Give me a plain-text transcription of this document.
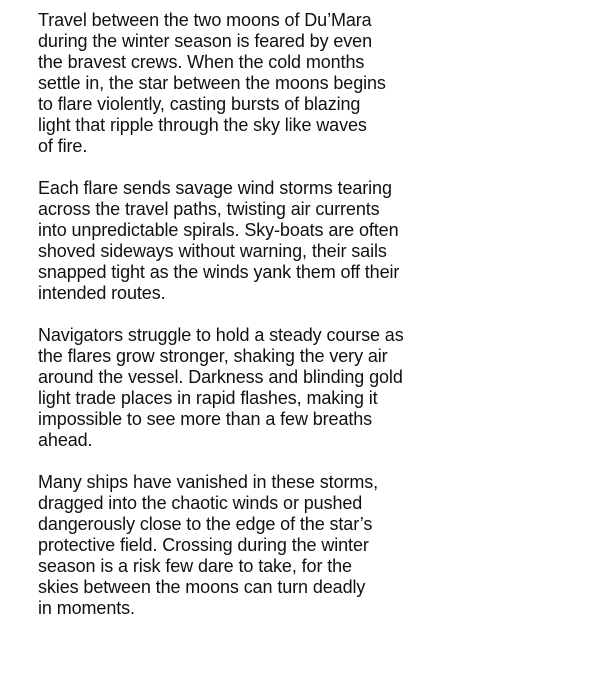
Travel between the two moons of Du’Mara
during the winter season is feared by even
the bravest crews. When the cold months
settle in, the star between the moons begins
to flare violently, casting bursts of blazing
light that ripple through the sky like waves
of fire.

Each flare sends savage wind storms tearing
across the travel paths, twisting air currents
into unpredictable spirals. Sky-boats are often
shoved sideways without warning, their sails
snapped tight as the winds yank them off their
intended routes.

Navigators struggle to hold a steady course as
the flares grow stronger, shaking the very air
around the vessel. Darkness and blinding gold
light trade places in rapid flashes, making it
impossible to see more than a few breaths
ahead.

Many ships have vanished in these storms,
dragged into the chaotic winds or pushed
dangerously close to the edge of the star’s
protective field. Crossing during the winter
season is a risk few dare to take, for the
skies between the moons can turn deadly
in moments.
